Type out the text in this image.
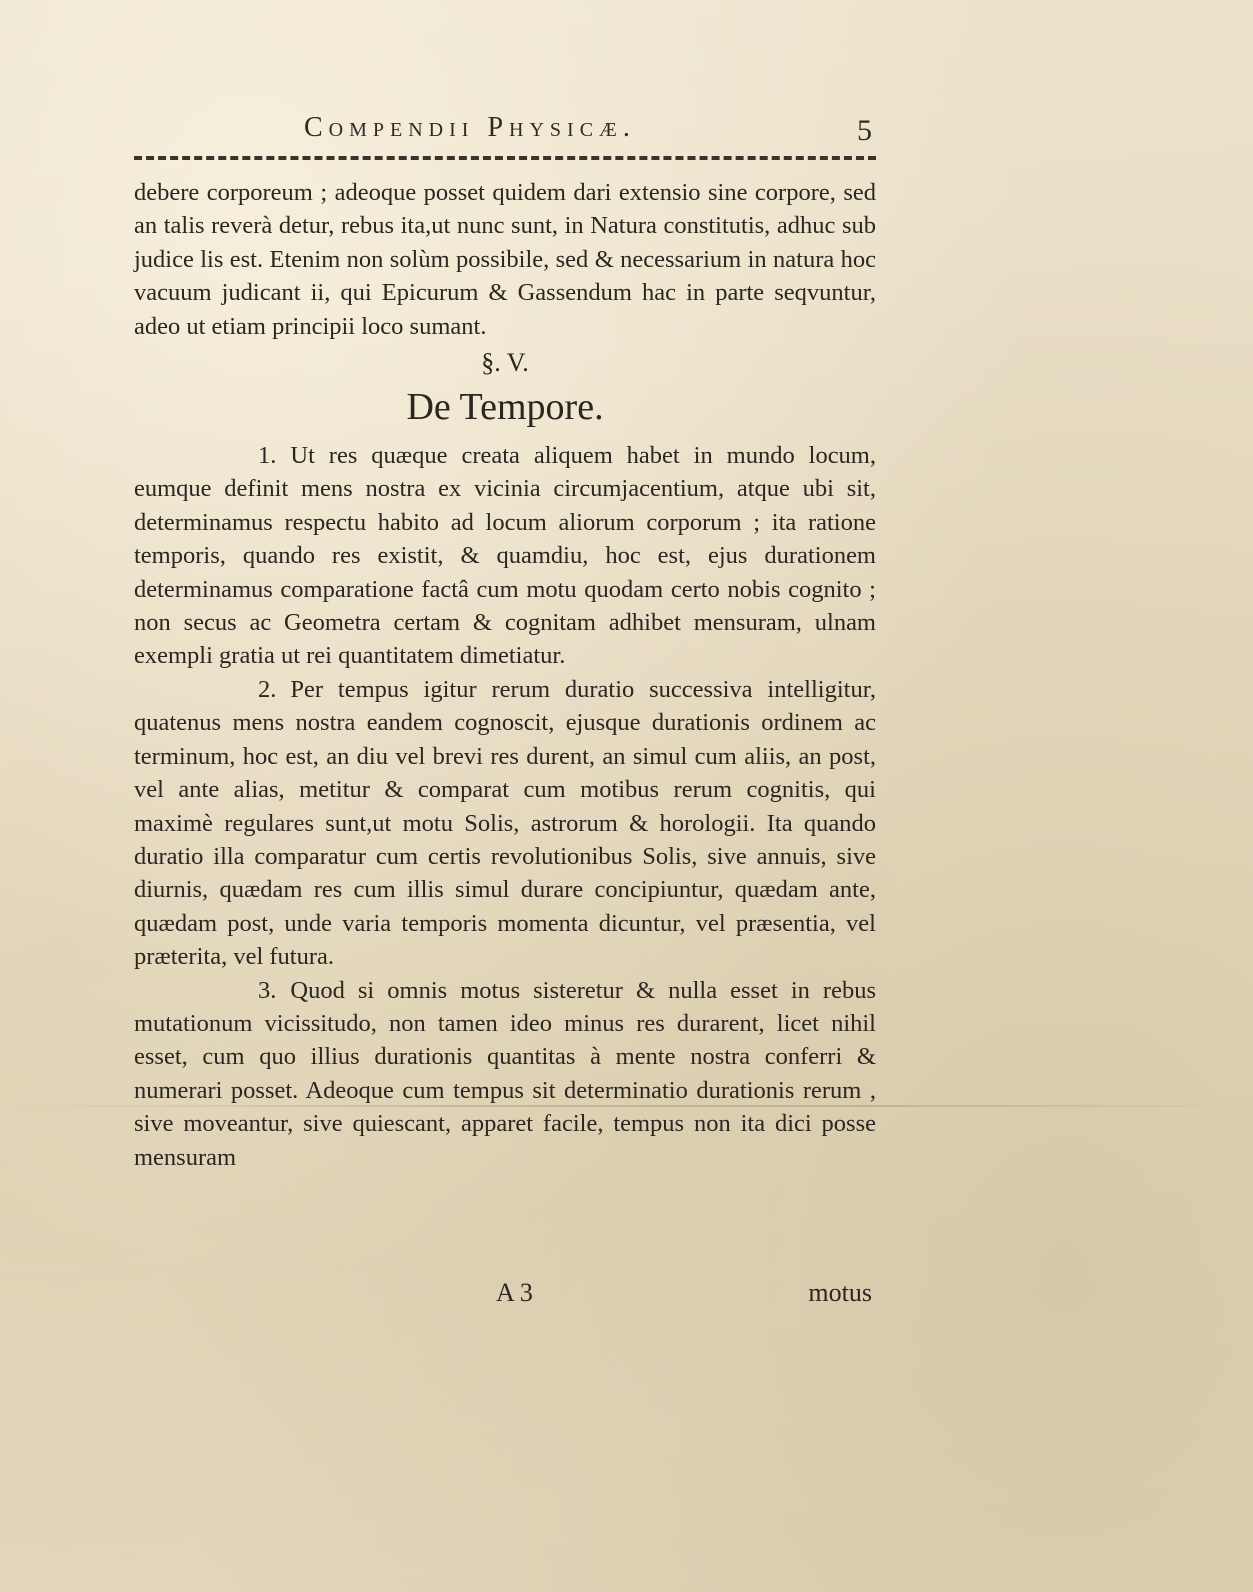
Compendii Physicæ.	5

debere corporeum ; adeoque posset quidem dari extensio sine corpore, sed an talis reverà detur, rebus ita,ut nunc sunt, in Natura constitutis, adhuc sub judice lis est. Etenim non solùm possibile, sed & necessarium in natura hoc vacuum judicant ii, qui Epicurum & Gassendum hac in parte seqvuntur, adeo ut etiam principii loco sumant.

§. V.
De Tempore.

1. Ut res quæque creata aliquem habet in mundo locum, eumque definit mens nostra ex vicinia circumjacentium, atque ubi sit, determinamus respectu habito ad locum aliorum corporum ; ita ratione temporis, quando res existit, & quamdiu, hoc est, ejus durationem determinamus comparatione factâ cum motu quodam certo nobis cognito ; non secus ac Geometra certam & cognitam adhibet mensuram, ulnam exempli gratia ut rei quantitatem dimetiatur.

2. Per tempus igitur rerum duratio successiva intelligitur, quatenus mens nostra eandem cognoscit, ejusque durationis ordinem ac terminum, hoc est, an diu vel brevi res durent, an simul cum aliis, an post, vel ante alias, metitur & comparat cum motibus rerum cognitis, qui maximè regulares sunt,ut motu Solis, astrorum & horologii. Ita quando duratio illa comparatur cum certis revolutionibus Solis, sive annuis, sive diurnis, quædam res cum illis simul durare concipiuntur, quædam ante, quædam post, unde varia temporis momenta dicuntur, vel præsentia, vel præterita, vel futura.

3. Quod si omnis motus sisteretur & nulla esset in rebus mutationum vicissitudo, non tamen ideo minus res durarent, licet nihil esset, cum quo illius durationis quantitas à mente nostra conferri & numerari posset. Adeoque cum tempus sit determinatio durationis rerum , sive moveantur, sive quiescant, apparet facile, tempus non ita dici posse mensuram

A 3	motus
